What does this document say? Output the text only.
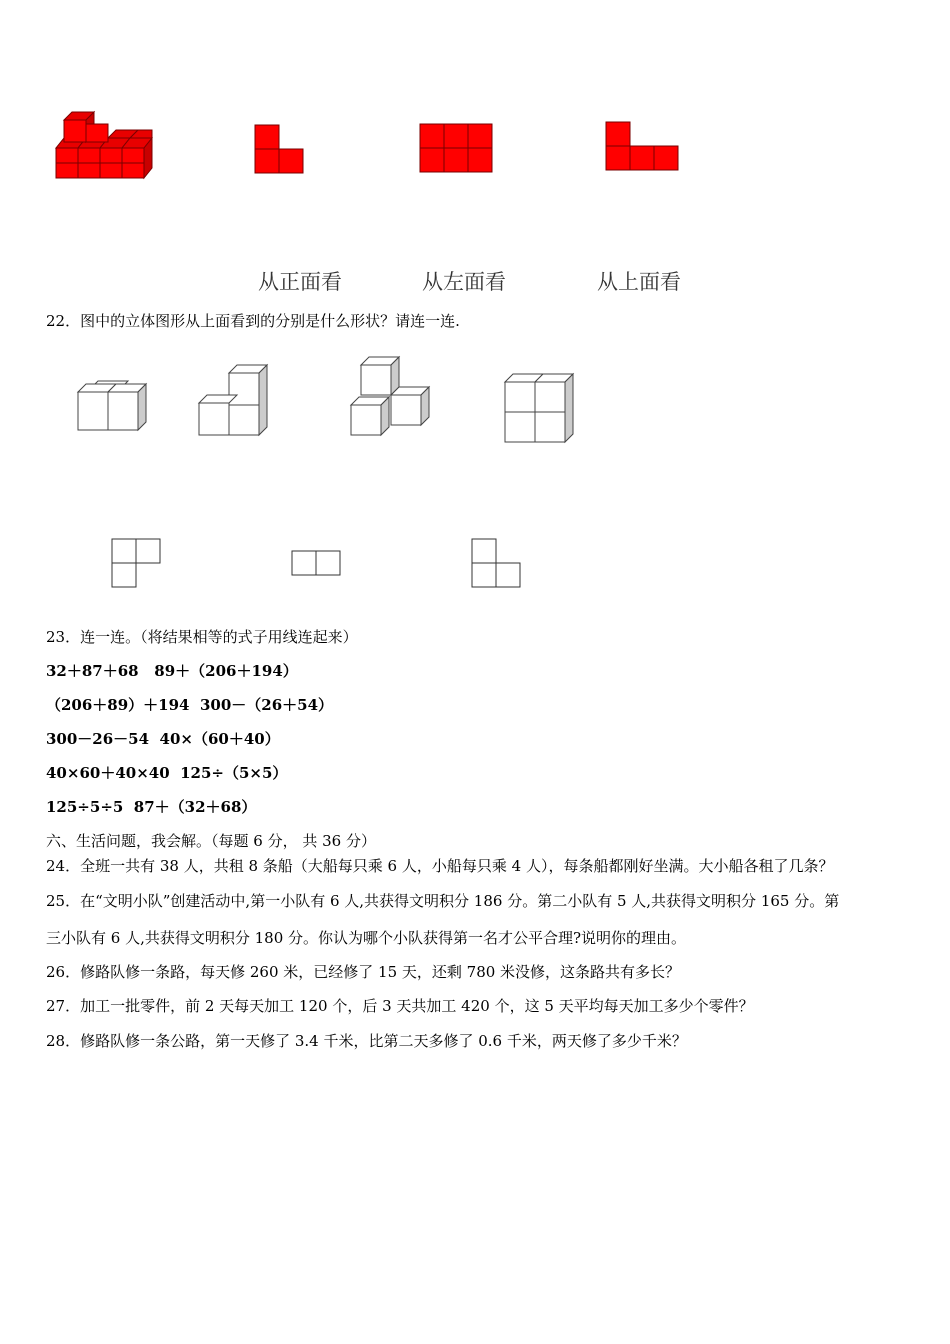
从正面看	从左面看	从上面看
22．图中的立体图形从上面看到的分别是什么形状？请连一连.
23．连一连。（将结果相等的式子用线连起来）
32＋87＋68 89＋（206＋194）
（206＋89）＋194 300－（26＋54）
300－26－54 40×（60＋40）
40×60＋40×40 125÷（5×5）
125÷5÷5 87＋（32＋68）
六、生活问题，我会解。（每题 6 分， 共 36 分）
24．全班一共有 38 人，共租 8 条船（大船每只乘 6 人，小船每只乘 4 人），每条船都刚好坐满。大小船各租了几条？
25．在“文明小队”创建活动中,第一小队有 6 人,共获得文明积分 186 分。第二小队有 5 人,共获得文明积分 165 分。第
三小队有 6 人,共获得文明积分 180 分。你认为哪个小队获得第一名才公平合理?说明你的理由。
26．修路队修一条路，每天修 260 米，已经修了 15 天，还剩 780 米没修，这条路共有多长？
27．加工一批零件，前 2 天每天加工 120 个，后 3 天共加工 420 个，这 5 天平均每天加工多少个零件？
28．修路队修一条公路，第一天修了 3.4 千米，比第二天多修了 0.6 千米，两天修了多少千米？
